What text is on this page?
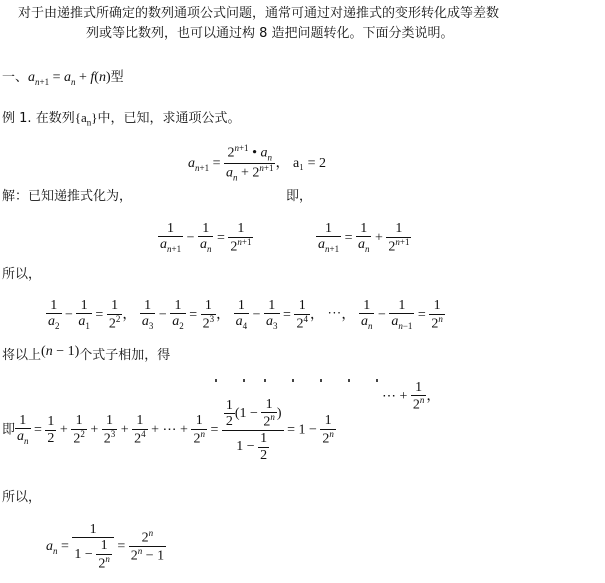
对于由递推式所确定的数列通项公式问题，通常可通过对递推式的变形转化成等差数
列或等比数列，也可以通过构 8 造把问题转化。下面分类说明。
一、$a_{n+1} = a_n + f(n)$型
例 1. 在数列$\{a_n\}$中，已知，求通项公式。
$a_{n+1} = \frac{2^{n+1} • a_n}{a_n + 2^{n+1}}$ ， a₁ = 2
解：已知递推式化为，	即，
$\frac{1}{a_{n+1}} - \frac{1}{a_n} = \frac{1}{2^{n+1}}$	$\frac{1}{a_{n+1}} = \frac{1}{a_n} + \frac{1}{2^{n+1}}$
所以，
$\frac{1}{a_2} - \frac{1}{a_1} = \frac{1}{2^2}$ ， $\frac{1}{a_3} - \frac{1}{a_2} = \frac{1}{2^3}$ ， $\frac{1}{a_4} - \frac{1}{a_3} = \frac{1}{2^4}$ ， ⋯， $\frac{1}{a_n} - \frac{1}{a_{n-1}} = \frac{1}{2^n}$
将以上(n − 1)个式子相加，得
⋯ + $\frac{1}{2^n}$ ，
即 $\frac{1}{a_n} = \frac{1}{2} + \frac{1}{2^2} + \frac{1}{2^3} + \frac{1}{2^4}$ + ⋯ + $\frac{1}{2^n} = \frac{\frac{1}{2} (1 - \frac{1}{2^n} )}{1 - \frac{1}{2}} = 1 - \frac{1}{2^n}$
所以，
$a_n = \frac{1}{1 - \frac{1}{2^n}} = \frac{2^n}{2^n - 1}$
